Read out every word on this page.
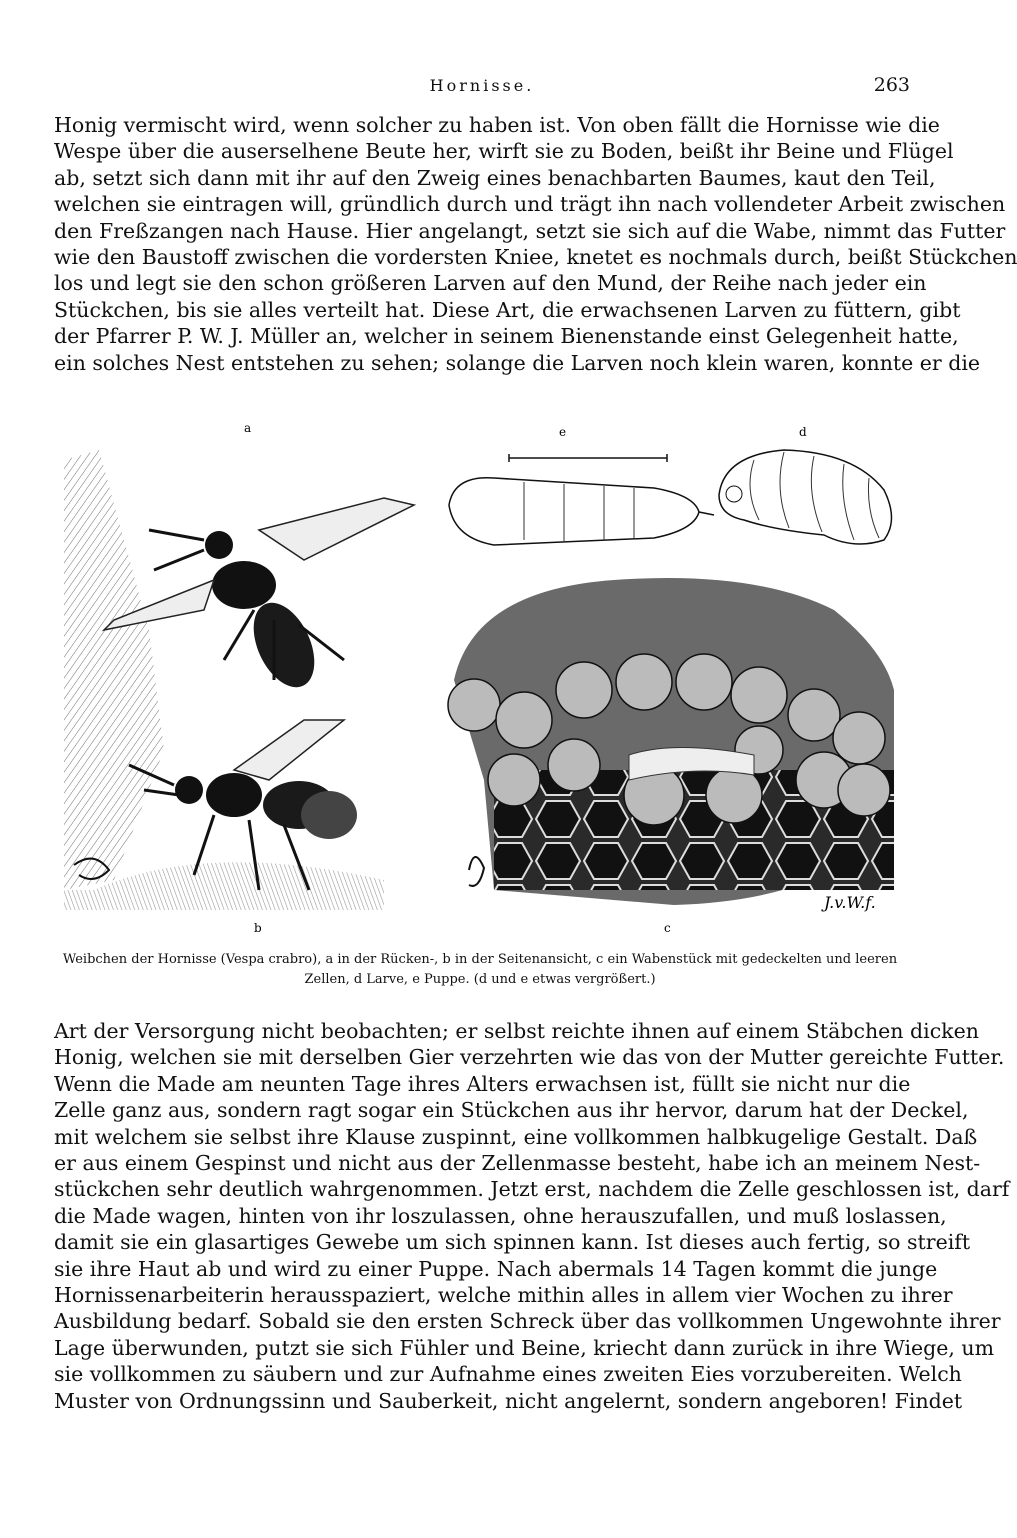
Hornisse.	263
Honig vermischt wird, wenn solcher zu haben ist. Von oben fällt die Hornisse wie die
Wespe über die auserselhene Beute her, wirft sie zu Boden, beißt ihr Beine und Flügel
ab, setzt sich dann mit ihr auf den Zweig eines benachbarten Baumes, kaut den Teil,
welchen sie eintragen will, gründlich durch und trägt ihn nach vollendeter Arbeit zwischen
den Freßzangen nach Hause. Hier angelangt, setzt sie sich auf die Wabe, nimmt das Futter
wie den Baustoff zwischen die vordersten Kniee, knetet es nochmals durch, beißt Stückchen
los und legt sie den schon größeren Larven auf den Mund, der Reihe nach jeder ein
Stückchen, bis sie alles verteilt hat. Diese Art, die erwachsenen Larven zu füttern, gibt
der Pfarrer P. W. J. Müller an, welcher in seinem Bienenstande einst Gelegenheit hatte,
ein solches Nest entstehen zu sehen; solange die Larven noch klein waren, konnte er die
a
b	c
d
e
J.v.W.f.
Weibchen der Hornisse (Vespa crabro), a in der Rücken-, b in der Seitenansicht, c ein Wabenstück mit gedeckelten und leeren
Zellen, d Larve, e Puppe. (d und e etwas vergrößert.)
Art der Versorgung nicht beobachten; er selbst reichte ihnen auf einem Stäbchen dicken
Honig, welchen sie mit derselben Gier verzehrten wie das von der Mutter gereichte Futter.
Wenn die Made am neunten Tage ihres Alters erwachsen ist, füllt sie nicht nur die
Zelle ganz aus, sondern ragt sogar ein Stückchen aus ihr hervor, darum hat der Deckel,
mit welchem sie selbst ihre Klause zuspinnt, eine vollkommen halbkugelige Gestalt. Daß
er aus einem Gespinst und nicht aus der Zellenmasse besteht, habe ich an meinem Nest-
stückchen sehr deutlich wahrgenommen. Jetzt erst, nachdem die Zelle geschlossen ist, darf
die Made wagen, hinten von ihr loszulassen, ohne herauszufallen, und muß loslassen,
damit sie ein glasartiges Gewebe um sich spinnen kann. Ist dieses auch fertig, so streift
sie ihre Haut ab und wird zu einer Puppe. Nach abermals 14 Tagen kommt die junge
Hornissenarbeiterin herausspaziert, welche mithin alles in allem vier Wochen zu ihrer
Ausbildung bedarf. Sobald sie den ersten Schreck über das vollkommen Ungewohnte ihrer
Lage überwunden, putzt sie sich Fühler und Beine, kriecht dann zurück in ihre Wiege, um
sie vollkommen zu säubern und zur Aufnahme eines zweiten Eies vorzubereiten. Welch
Muster von Ordnungssinn und Sauberkeit, nicht angelernt, sondern angeboren! Findet
